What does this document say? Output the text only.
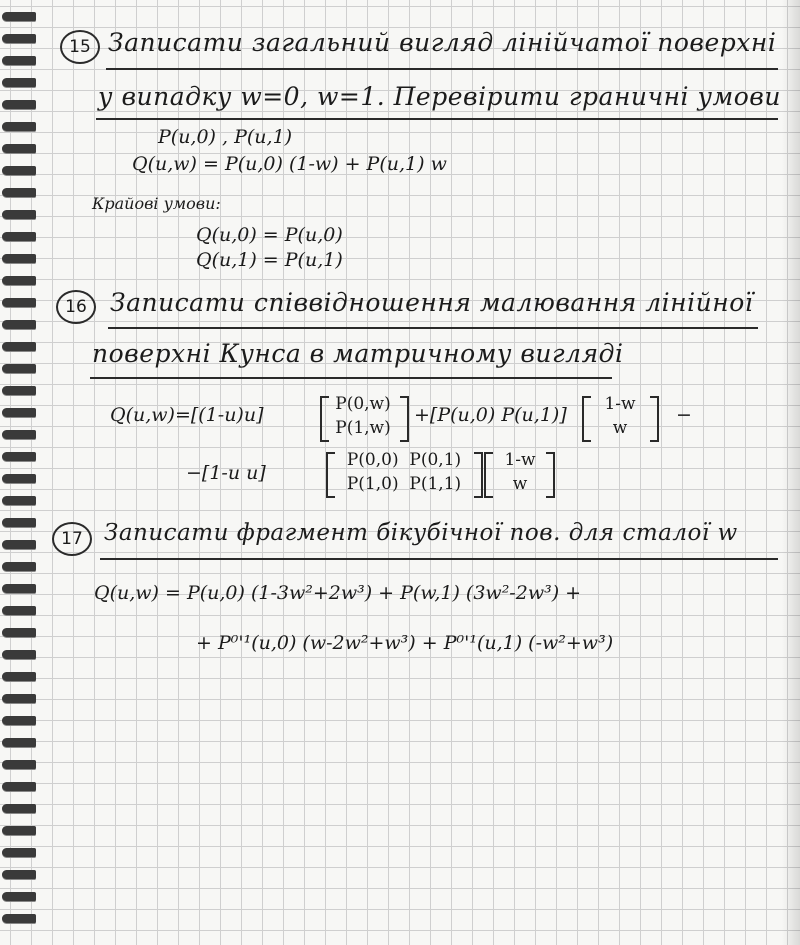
15 Записати загальний вигляд лінійчатої поверхні
у випадку w=0, w=1. Перевірити граничні умови
P(u,0) , P(u,1)
Q(u,w) = P(u,0) (1-w) + P(u,1) w
Крайові умови:
Q(u,0) = P(u,0)
Q(u,1) = P(u,1)
16 Записати співвідношення малювання лінійної
поверхні Кунса в матричному вигляді
Q(u,w)=[(1-u)u]	P(0,w)
P(1,w)
+[P(u,0) P(u,1)]	1-w
w
−
−[1-u u]
P(0,0) P(0,1)
P(1,0) P(1,1)
1-w
w
17 Записати фрагмент бікубічної пов. для сталої w
Q(u,w) = P(u,0) (1-3w²+2w³) + P(w,1) (3w²-2w³) +
+ P⁰'¹(u,0) (w-2w²+w³) + P⁰'¹(u,1) (-w²+w³)
